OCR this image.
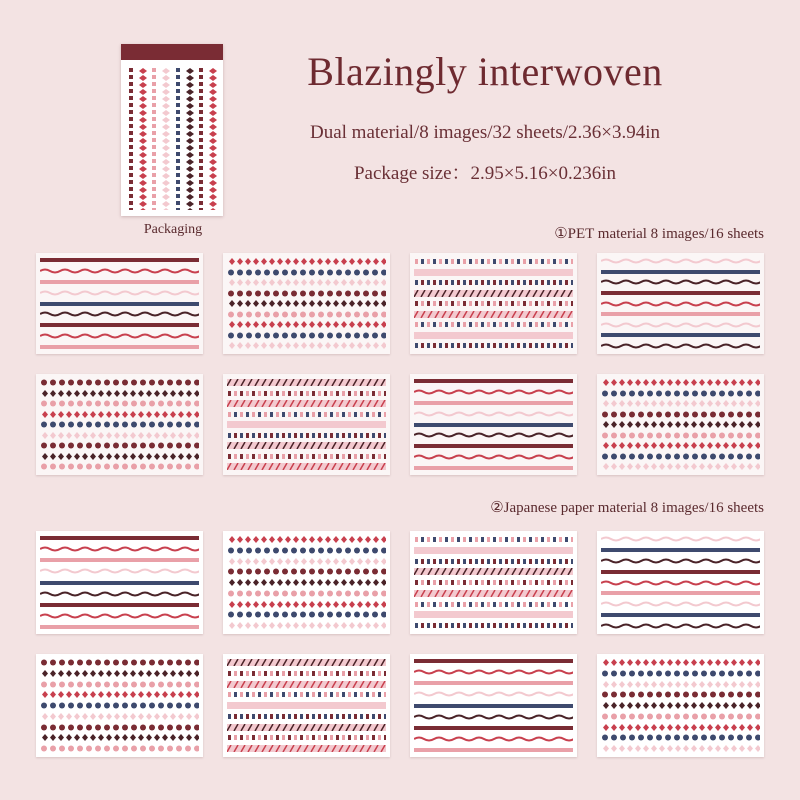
Packaging
Blazingly interwoven
Dual material/8 images/32 sheets/2.36×3.94in
Package size：2.95×5.16×0.236in
①PET material 8 images/16 sheets
②Japanese paper material 8 images/16 sheets
